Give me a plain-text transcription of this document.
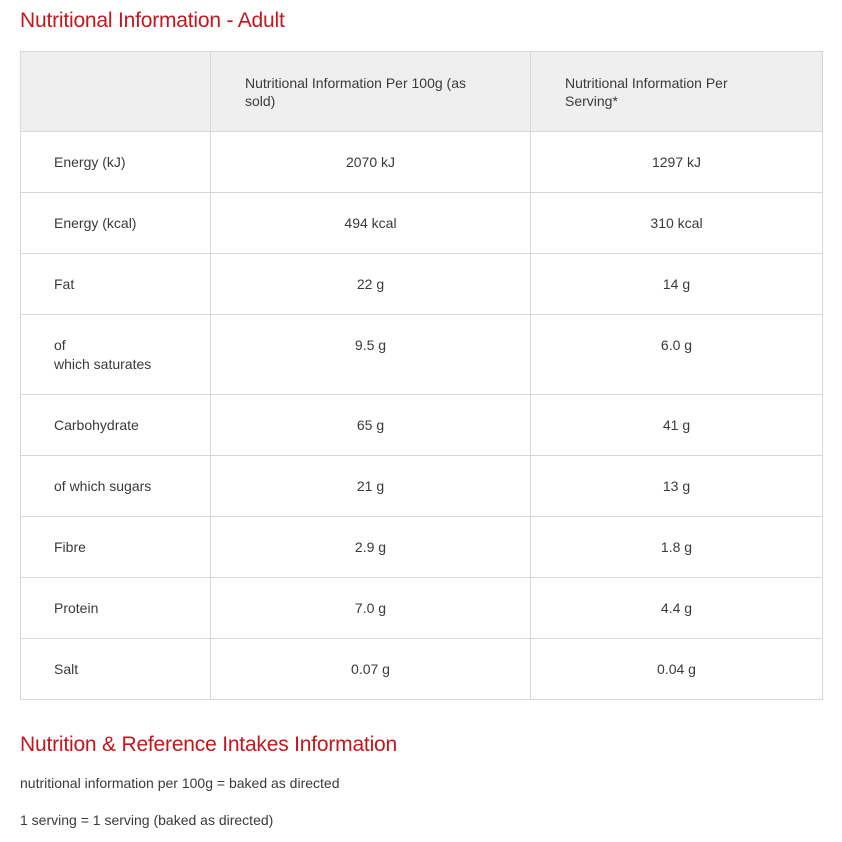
Nutritional Information - Adult
	Nutritional Information Per 100g (as sold)	Nutritional Information Per Serving*
Energy (kJ)	2070 kJ	1297 kJ
Energy (kcal)	494 kcal	310 kcal
Fat	22 g	14 g

of
which saturates	9.5 g	6.0 g
Carbohydrate	65 g	41 g
of which sugars	21 g	13 g
Fibre	2.9 g	1.8 g
Protein	7.0 g	4.4 g
Salt	0.07 g	0.04 g
Nutrition & Reference Intakes Information

nutritional information per 100g = baked as directed

1 serving = 1 serving (baked as directed)
